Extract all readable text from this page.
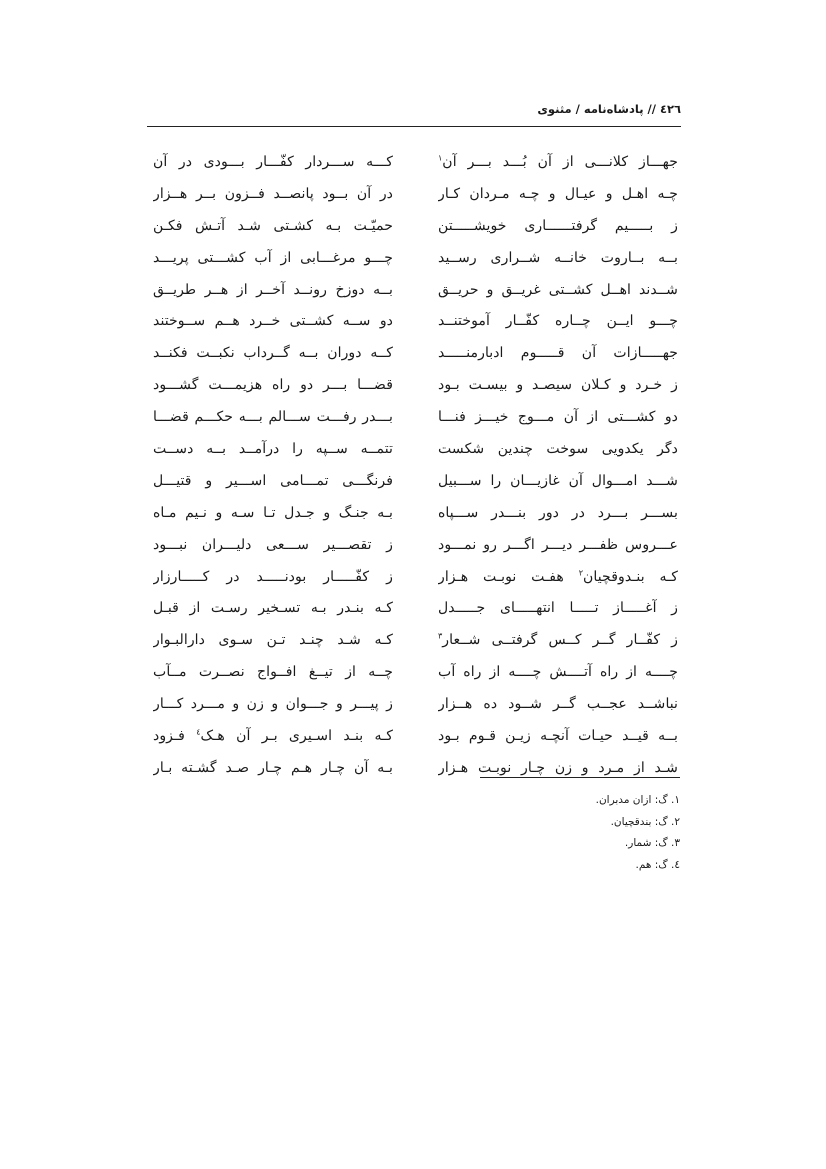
٤٢٦ // پادشاه‌نامه / مثنوی
جهـــاز کلانـــی از آن بُـــد بـــر آن$^١$
چـه اهـل و عیـال و چـه مـردان کـار
ز بـــــیم گرفتــــــاری خویشـــــتن
بــه بــاروت خانــه شــراری رســید
شــدند اهــل کشــتی غریــق و حریــق
چـــو ایــن چــاره کفّــار آموختنــد
جهـــــازات آن قـــــوم ادبارمنـــــد
ز خـرد و کـلان سیصـد و بیسـت بـود
دو کشـــتی از آن مـــوج خیـــز فنـــا
دگر یکدویی سوخت چندین شکست
شـــد امـــوال آن غازیـــان را ســـبیل
بســـر بـــرد در دور بنـــدر ســـپاه
عـــروس ظفـــر دیـــر اگـــر رو نمـــود
کـه بنـدوقچیان$^٢$ هفـت نوبـت هـزار
ز آغـــــاز تـــــا انتهـــــای جـــــدل
ز کفّــار گــر کــس گرفتــی شــعار$^٣$
چــــه از راه آتــــش چــــه از راه آب
نباشــد عجــب گــر شــود ده هــزار
بــه قیــد حیـات آنچـه زیـن قـوم بـود
شـد از مـرد و زن چـار نوبـت هـزار
کـــه ســـردار کفّـــار بـــودی در آن
در آن بــود پانصــد فــزون بــر هــزار
حمیّـت بـه کشـتی شـد آتـش فکـن
چـــو مرغـــابی از آب کشـــتی پریـــد
بــه دوزخ رونــد آخــر از هــر طریــق
دو ســه کشــتی خــرد هــم ســوختند
کــه دوران بــه گــرداب نکبــت فکنــد
قضـــا بـــر دو راه هزیمـــت گشـــود
بـــدر رفـــت ســـالم بـــه حکـــم قضـــا
تتمــه ســپه را درآمــد بــه دســت
فرنگـــی تمـــامی اســـیر و قتیـــل
بـه جنـگ و جـدل تـا سـه و نـیم مـاه
ز تقصـــیر ســـعی دلیـــران نبـــود
ز کفّـــــار بودنـــــد در کـــــارزار
کـه بنـدر بـه تسـخیر رسـت از قبـل
کـه شـد چنـد تـن سـوی دارالبـوار
چــه از تیــغ افــواج نصــرت مــآب
ز پیـــر و جـــوان و زن و مـــرد کـــار
کـه بنـد اسـیری بـر آن هـک$^٤$ فـزود
بـه آن چـار هـم چـار صـد گشـته بـار
١. گ: ازان مدبران.
٢. گ: بندقچیان.
٣. گ: شمار.
٤. گ: هم.
